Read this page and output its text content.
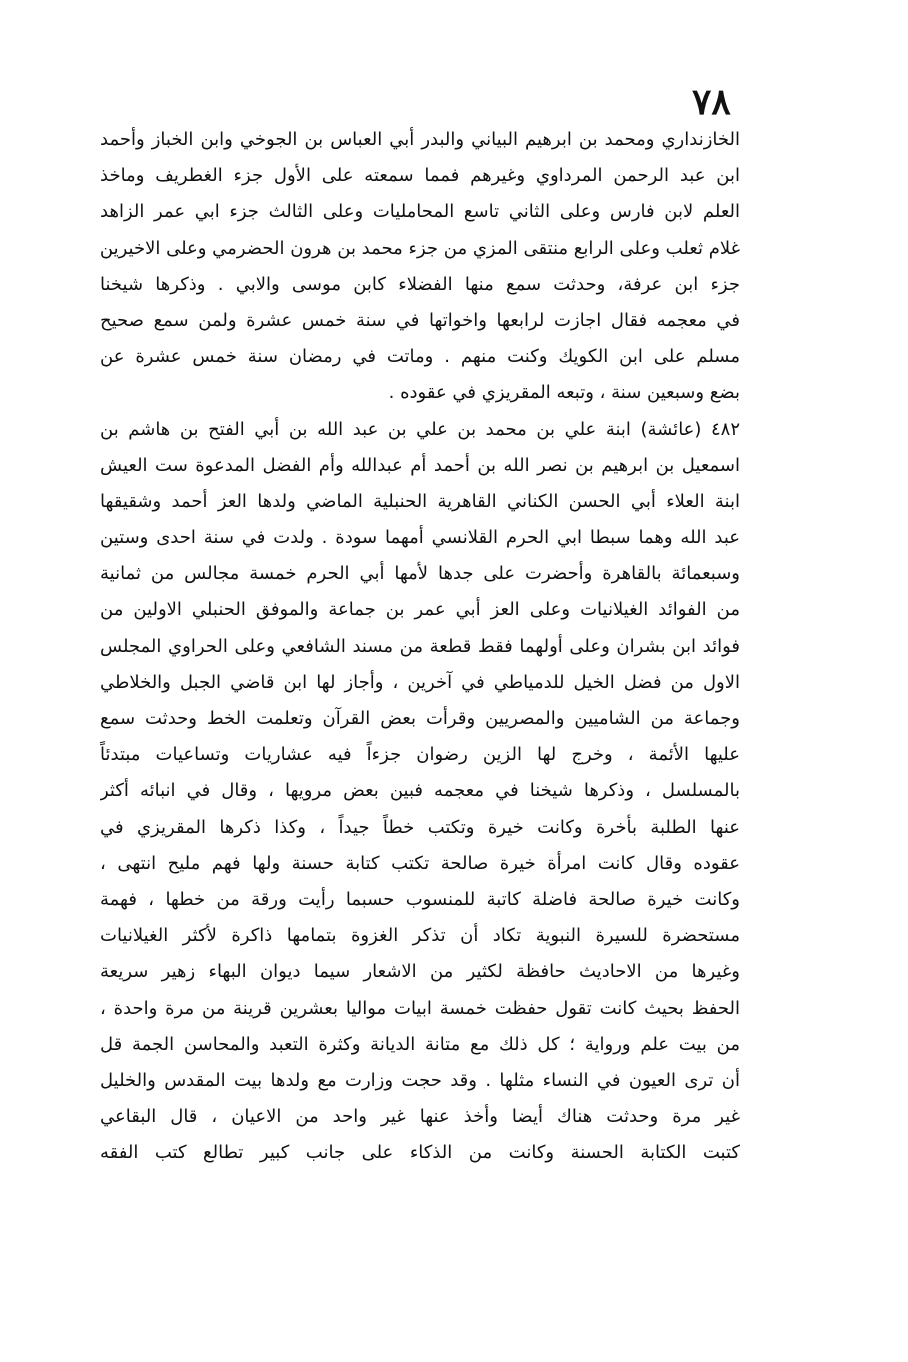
٧٨
الخازنداري ومحمد بن ابرهيم البياني والبدر أبي العباس بن الجوخي وابن الخباز وأحمد
ابن عبد الرحمن المرداوي وغيرهم فمما سمعته على الأول جزء الغطريف وماخذ
العلم لابن فارس وعلى الثاني تاسع المحامليات وعلى الثالث جزء ابي عمر الزاهد
غلام ثعلب وعلى الرابع منتقى المزي من جزء محمد بن هرون الحضرمي وعلى الاخيرين
جزء ابن عرفة، وحدثت سمع منها الفضلاء كابن موسى والابي . وذكرها شيخنا
في معجمه فقال اجازت لرابعها واخواتها في سنة خمس عشرة ولمن سمع صحيح
مسلم على ابن الكويك وكنت منهم . وماتت في رمضان سنة خمس عشرة عن
بضع وسبعين سنة ، وتبعه المقريزي في عقوده .
٤٨٢ (عائشة) ابنة علي بن محمد بن علي بن عبد الله بن أبي الفتح بن هاشم بن
اسمعيل بن ابرهيم بن نصر الله بن أحمد أم عبدالله وأم الفضل المدعوة ست العيش
ابنة العلاء أبي الحسن الكناني القاهرية الحنبلية الماضي ولدها العز أحمد وشقيقها
عبد الله وهما سبطا ابي الحرم القلانسي أمهما سودة . ولدت في سنة احدى وستين
وسبعمائة بالقاهرة وأحضرت على جدها لأمها أبي الحرم خمسة مجالس من ثمانية
من الفوائد الغيلانيات وعلى العز أبي عمر بن جماعة والموفق الحنبلي الاولين من
فوائد ابن بشران وعلى أولهما فقط قطعة من مسند الشافعي وعلى الحراوي المجلس
الاول من فضل الخيل للدمياطي في آخرين ، وأجاز لها ابن قاضي الجبل والخلاطي
وجماعة من الشاميين والمصريين وقرأت بعض القرآن وتعلمت الخط وحدثت سمع
عليها الأئمة ، وخرج لها الزين رضوان جزءاً فيه عشاريات وتساعيات مبتدئاً
بالمسلسل ، وذكرها شيخنا في معجمه فبين بعض مرويها ، وقال في انبائه أكثر
عنها الطلبة بأخرة وكانت خيرة وتكتب خطاً جيداً ، وكذا ذكرها المقريزي في
عقوده وقال كانت امرأة خيرة صالحة تكتب كتابة حسنة ولها فهم مليح انتهى ،
وكانت خيرة صالحة فاضلة كاتبة للمنسوب حسبما رأيت ورقة من خطها ، فهمة
مستحضرة للسيرة النبوية تكاد أن تذكر الغزوة بتمامها ذاكرة لأكثر الغيلانيات
وغيرها من الاحاديث حافظة لكثير من الاشعار سيما ديوان البهاء زهير سريعة
الحفظ بحيث كانت تقول حفظت خمسة ابيات مواليا بعشرين قرينة من مرة واحدة ،
من بيت علم ورواية ؛ كل ذلك مع متانة الديانة وكثرة التعبد والمحاسن الجمة قل
أن ترى العيون في النساء مثلها . وقد حجت وزارت مع ولدها بيت المقدس والخليل
غير مرة وحدثت هناك أيضا وأخذ عنها غير واحد من الاعيان ، قال البقاعي
كتبت الكتابة الحسنة وكانت من الذكاء على جانب كبير تطالع كتب الفقه
